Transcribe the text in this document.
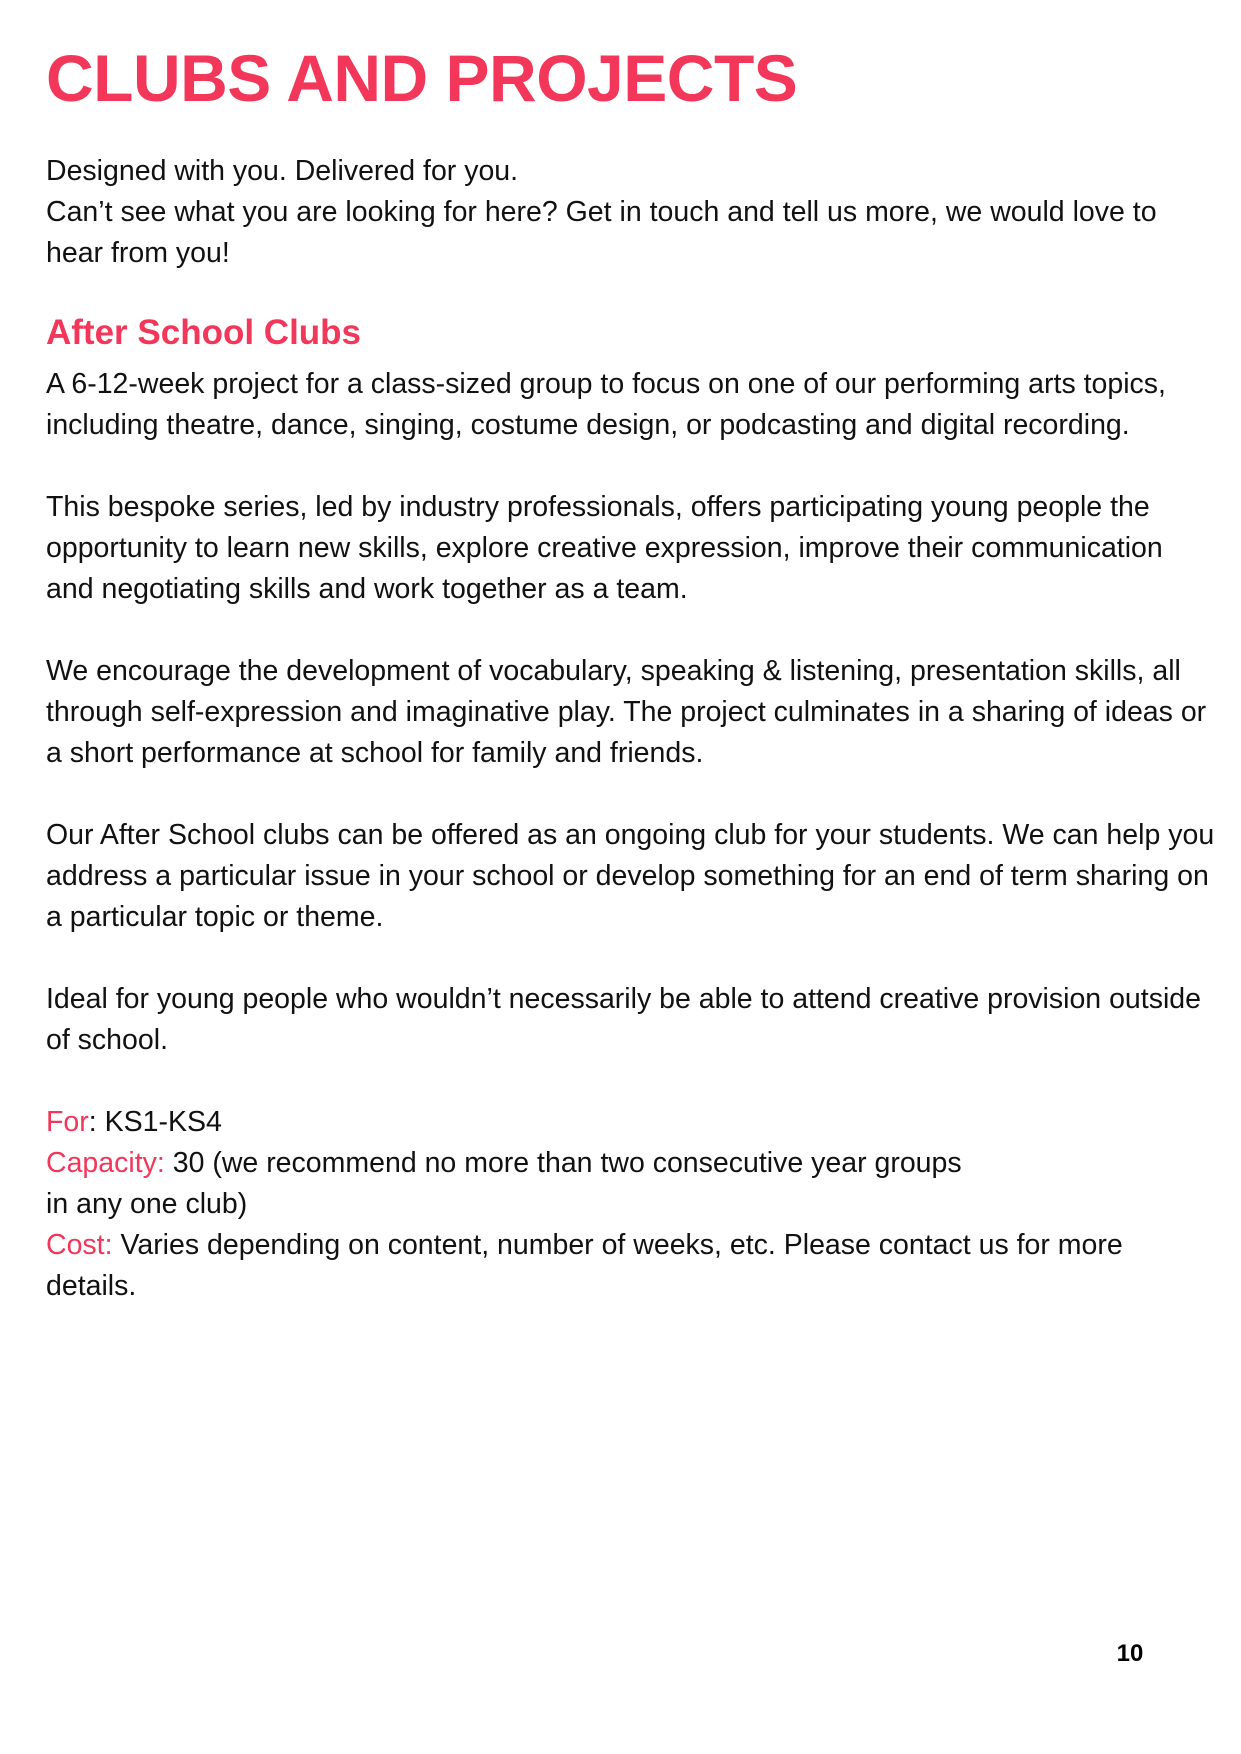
CLUBS AND PROJECTS

Designed with you. Delivered for you.

Can’t see what you are looking for here? Get in touch and tell us more, we would love to hear from you!

After School Clubs

A 6-12-week project for a class-sized group to focus on one of our performing arts topics, including theatre, dance, singing, costume design, or podcasting and digital recording.

This bespoke series, led by industry professionals, offers participating young people the opportunity to learn new skills, explore creative expression, improve their communication and negotiating skills and work together as a team.

We encourage the development of vocabulary, speaking & listening, presentation skills, all through self-expression and imaginative play. The project culminates in a sharing of ideas or a short performance at school for family and friends.

Our After School clubs can be offered as an ongoing club for your students. We can help you address a particular issue in your school or develop something for an end of term sharing on a particular topic or theme.

Ideal for young people who wouldn’t necessarily be able to attend creative provision outside of school.

For: KS1-KS4

Capacity: 30 (we recommend no more than two consecutive year groups

in any one club)

Cost: Varies depending on content, number of weeks, etc. Please contact us for more details.

10
